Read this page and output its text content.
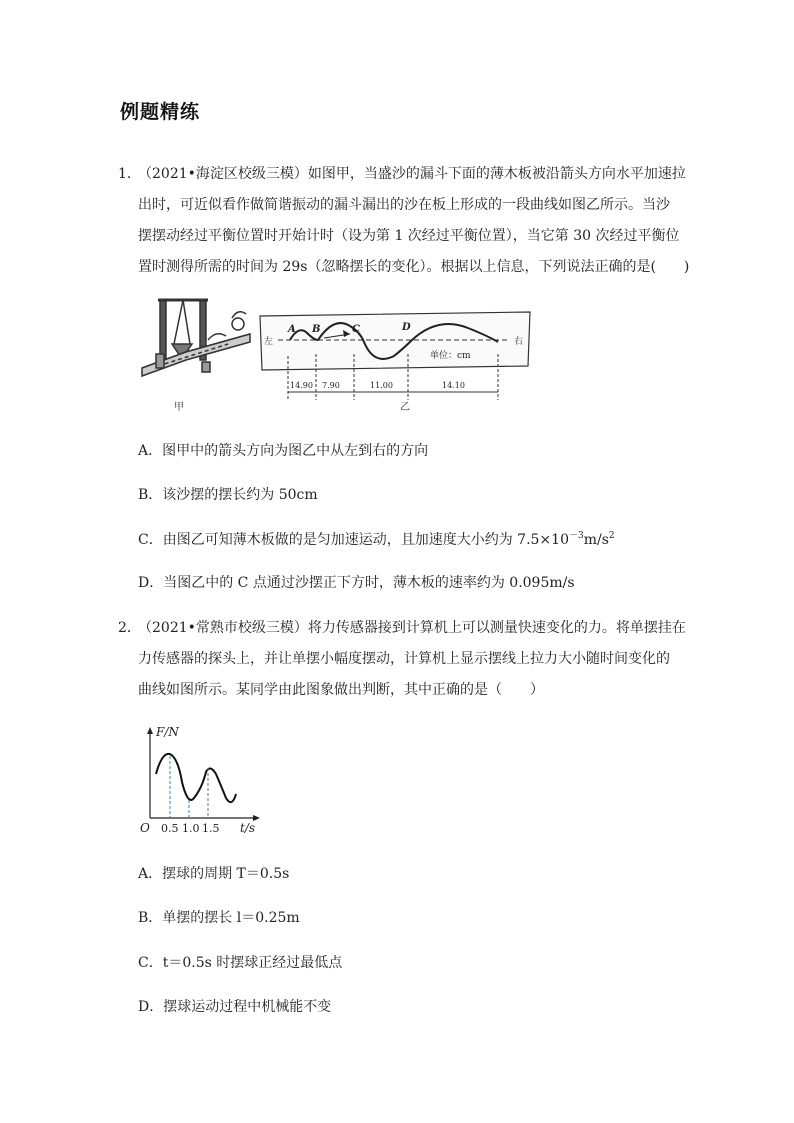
例题精练
1．
（2021•海淀区校级三模）如图甲，当盛沙的漏斗下面的薄木板被沿箭头方向水平加速拉
出时，可近似看作做简谐振动的漏斗漏出的沙在板上形成的一段曲线如图乙所示。当沙
摆摆动经过平衡位置时开始计时（设为第 1 次经过平衡位置），当它第 30 次经过平衡位
置时测得所需的时间为 29s（忽略摆长的变化）。根据以上信息，下列说法正确的是(　　)
甲
左	右
A B	C	D
单位：cm
14.90 7.90	11.00	14.10
乙
A．图甲中的箭头方向为图乙中从左到右的方向
B．该沙摆的摆长约为 50cm
C．由图乙可知薄木板做的是匀加速运动，且加速度大小约为 $7.5\times 10^{-3}m/s^2$
D．当图乙中的 C 点通过沙摆正下方时，薄木板的速率约为 0.095m/s
2．
（2021•常熟市校级三模）将力传感器接到计算机上可以测量快速变化的力。将单摆挂在
力传感器的探头上，并让单摆小幅度摆动，计算机上显示摆线上拉力大小随时间变化的
曲线如图所示。某同学由此图象做出判断，其中正确的是（　　）
F/N
O 0.5 1.0 1.5 t/s
A．摆球的周期 T＝0.5s
B．单摆的摆长 l＝0.25m
C．t＝0.5s 时摆球正经过最低点
D．摆球运动过程中机械能不变
